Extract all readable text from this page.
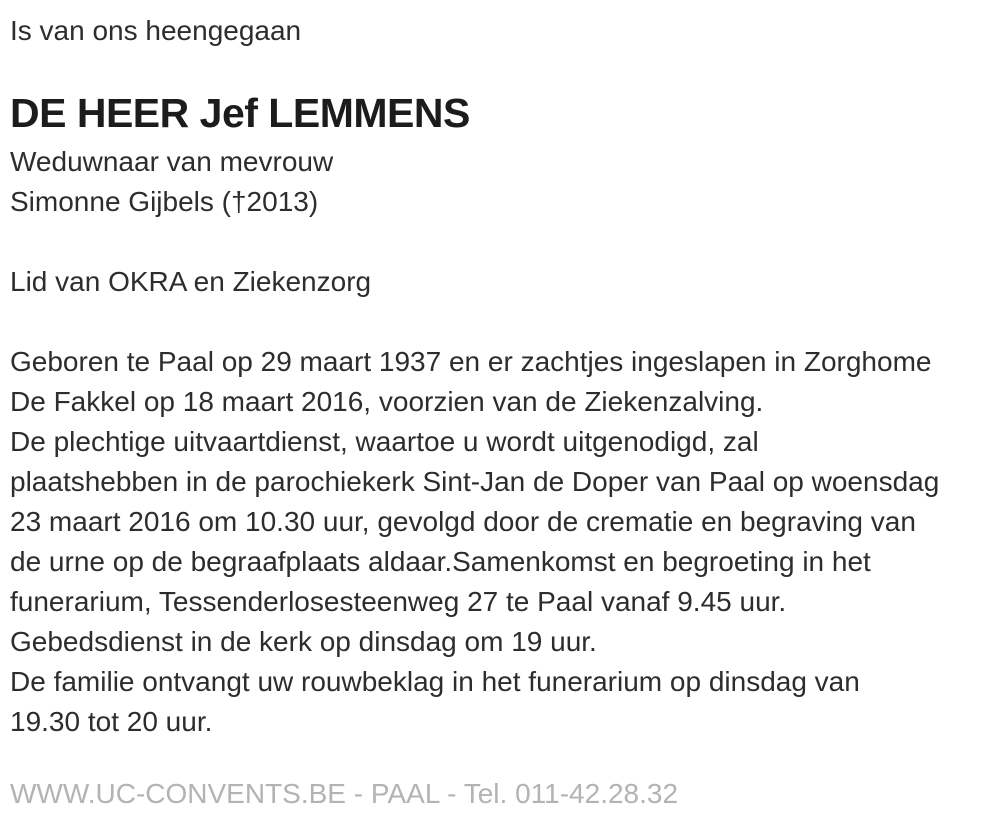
Is van ons heengegaan

DE HEER Jef LEMMENS

Weduwnaar van mevrouw

Simonne Gijbels (†2013)

Lid van OKRA en Ziekenzorg

Geboren te Paal op 29 maart 1937 en er zachtjes ingeslapen in Zorghome
De Fakkel op 18 maart 2016, voorzien van de Ziekenzalving.
De plechtige uitvaartdienst, waartoe u wordt uitgenodigd, zal
plaatshebben in de parochiekerk Sint-Jan de Doper van Paal op woensdag
23 maart 2016 om 10.30 uur, gevolgd door de crematie en begraving van
de urne op de begraafplaats aldaar.Samenkomst en begroeting in het
funerarium, Tessenderlosesteenweg 27 te Paal vanaf 9.45 uur.
Gebedsdienst in de kerk op dinsdag om 19 uur.
De familie ontvangt uw rouwbeklag in het funerarium op dinsdag van
19.30 tot 20 uur.
WWW.UC-CONVENTS.BE - PAAL - Tel. 011-42.28.32
